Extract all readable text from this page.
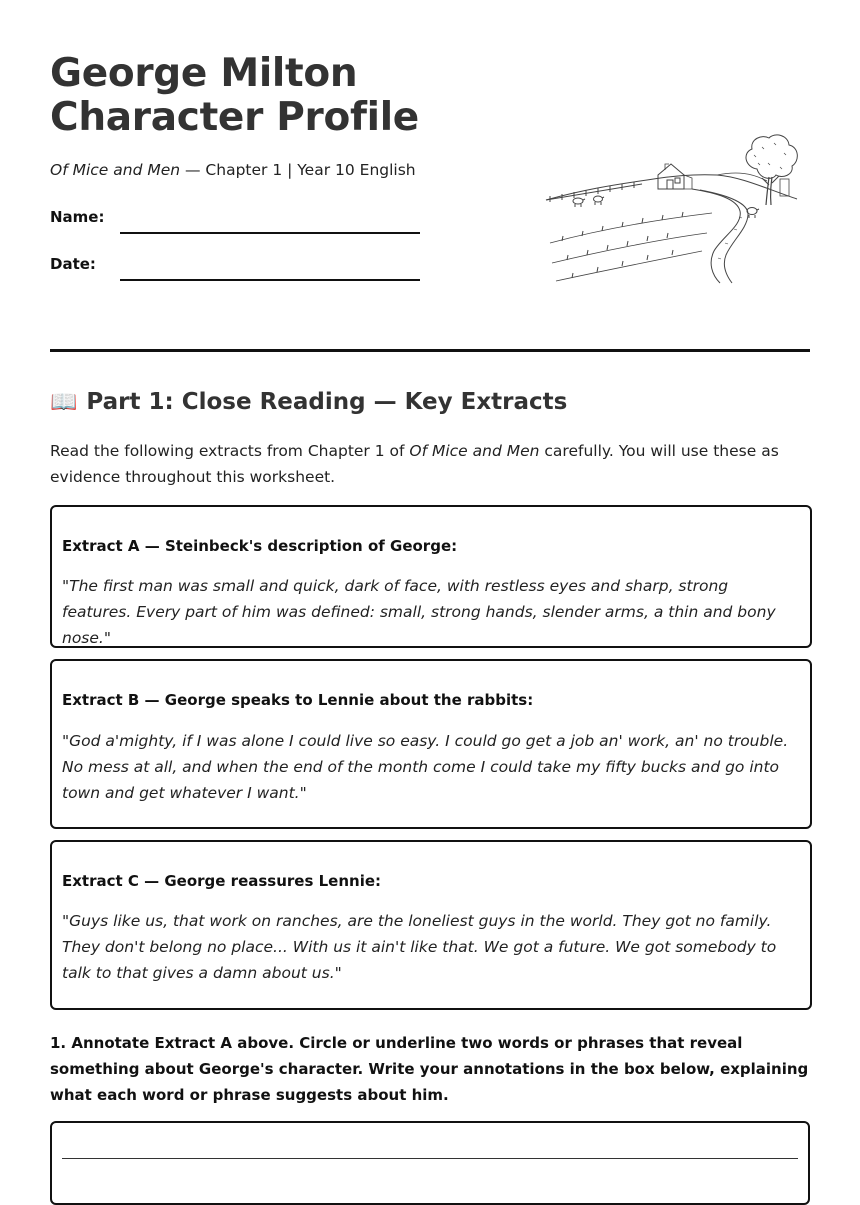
George Milton
Character Profile
Of Mice and Men — Chapter 1 | Year 10 English
Name:
Date:
📖 Part 1: Close Reading — Key Extracts

Read the following extracts from Chapter 1 of Of Mice and Men carefully. You will use these as evidence throughout this worksheet.

Extract A — Steinbeck's description of George:
"The first man was small and quick, dark of face, with restless eyes and sharp, strong features. Every part of him was defined: small, strong hands, slender arms, a thin and bony nose."
Extract B — George speaks to Lennie about the rabbits:
"God a'mighty, if I was alone I could live so easy. I could go get a job an' work, an' no trouble. No mess at all, and when the end of the month come I could take my fifty bucks and go into town and get whatever I want."
Extract C — George reassures Lennie:
"Guys like us, that work on ranches, are the loneliest guys in the world. They got no family. They don't belong no place... With us it ain't like that. We got a future. We got somebody to talk to that gives a damn about us."
1. Annotate Extract A above. Circle or underline two words or phrases that reveal something about George's character. Write your annotations in the box below, explaining what each word or phrase suggests about him.
